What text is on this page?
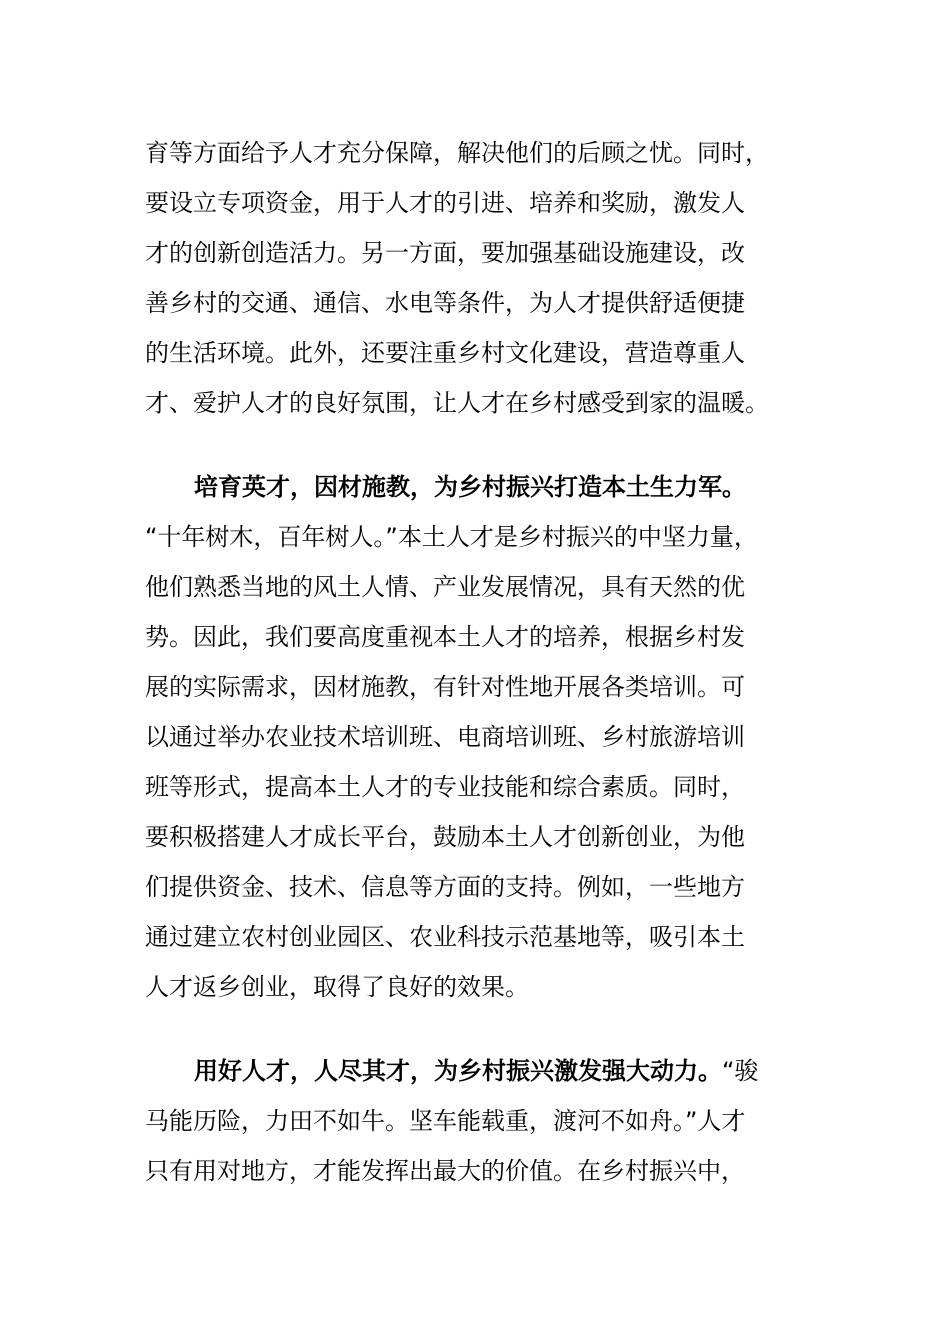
育等方面给予人才充分保障，解决他们的后顾之忧。同时，
要设立专项资金，用于人才的引进、培养和奖励，激发人
才的创新创造活力。另一方面，要加强基础设施建设，改
善乡村的交通、通信、水电等条件，为人才提供舒适便捷
的生活环境。此外，还要注重乡村文化建设，营造尊重人
才、爱护人才的良好氛围，让人才在乡村感受到家的温暖。
培育英才，因材施教，为乡村振兴打造本土生力军。
“十年树木，百年树人。”本土人才是乡村振兴的中坚力量，
他们熟悉当地的风土人情、产业发展情况，具有天然的优
势。因此，我们要高度重视本土人才的培养，根据乡村发
展的实际需求，因材施教，有针对性地开展各类培训。可
以通过举办农业技术培训班、电商培训班、乡村旅游培训
班等形式，提高本土人才的专业技能和综合素质。同时，
要积极搭建人才成长平台，鼓励本土人才创新创业，为他
们提供资金、技术、信息等方面的支持。例如，一些地方
通过建立农村创业园区、农业科技示范基地等，吸引本土
人才返乡创业，取得了良好的效果。
用好人才，人尽其才，为乡村振兴激发强大动力。“骏
马能历险，力田不如牛。坚车能载重，渡河不如舟。”人才
只有用对地方，才能发挥出最大的价值。在乡村振兴中，
